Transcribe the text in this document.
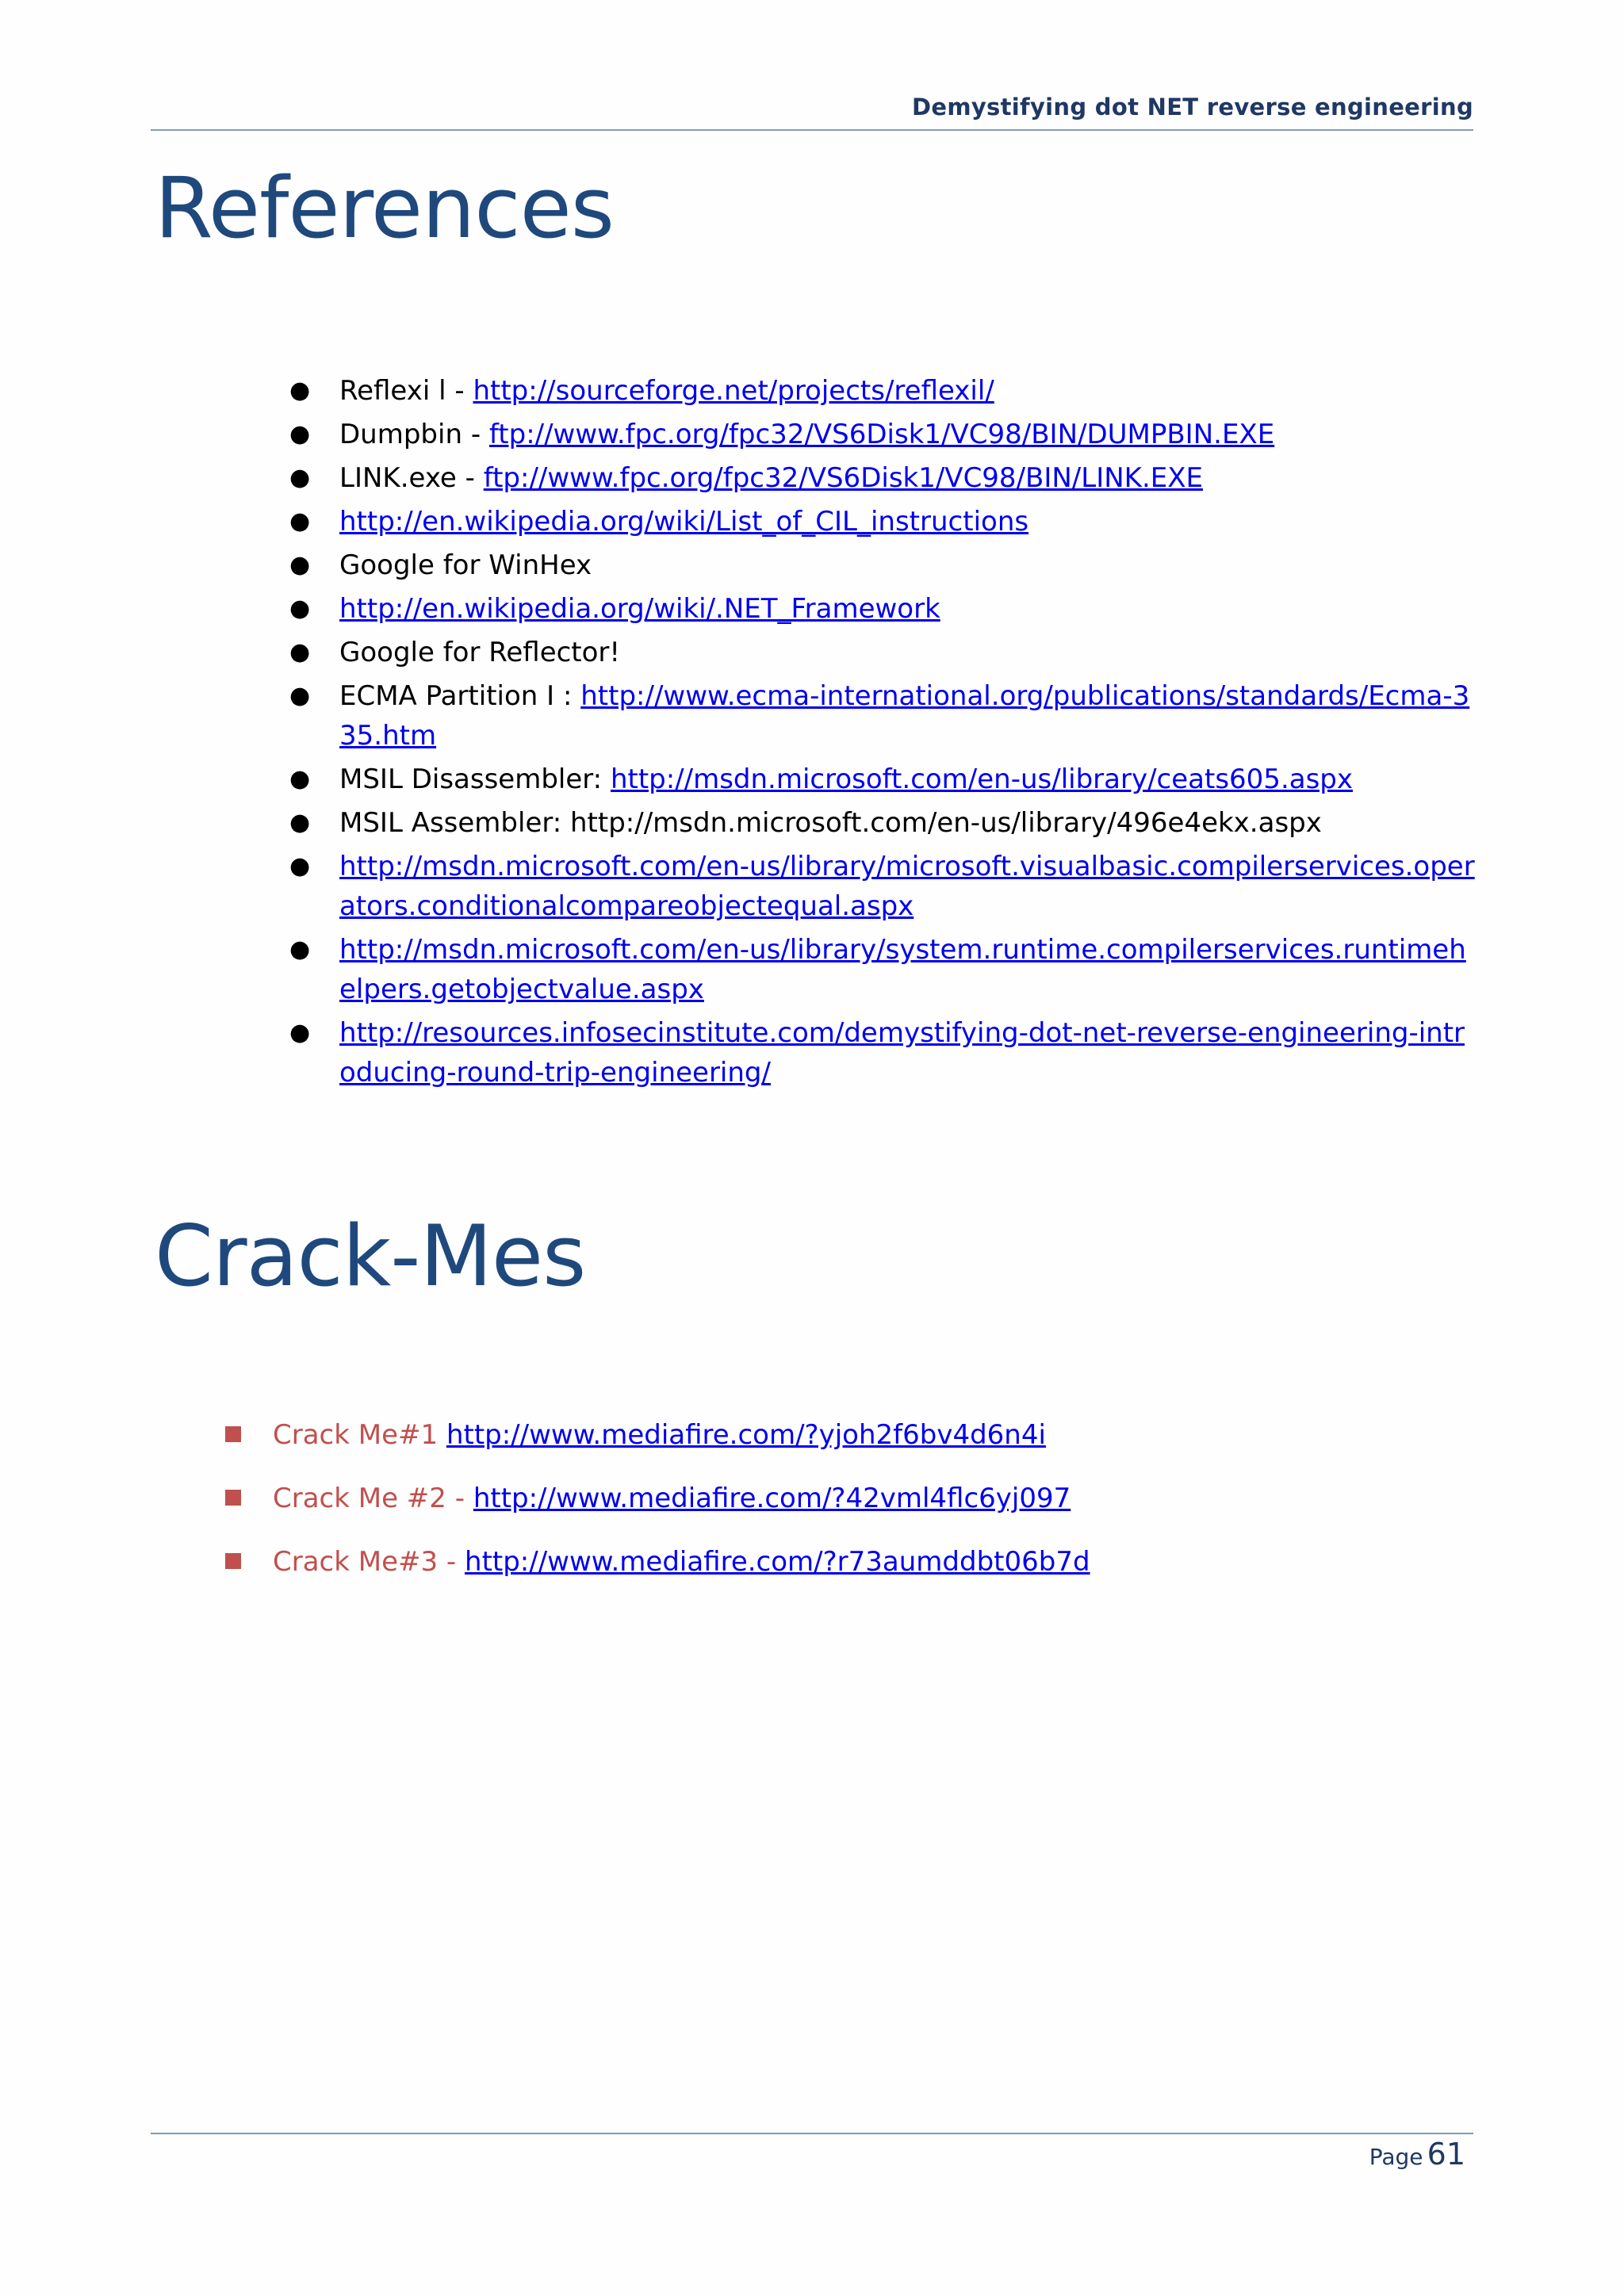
Demystifying dot NET reverse engineering
References
●	Reflexi l - http://sourceforge.net/projects/reflexil/
●	Dumpbin - ftp://www.fpc.org/fpc32/VS6Disk1/VC98/BIN/DUMPBIN.EXE
●	LINK.exe - ftp://www.fpc.org/fpc32/VS6Disk1/VC98/BIN/LINK.EXE
●	http://en.wikipedia.org/wiki/List_of_CIL_instructions
●	Google for WinHex
●	http://en.wikipedia.org/wiki/.NET_Framework
●	Google for Reflector!
●	ECMA Partition I : http://www.ecma-international.org/publications/standards/Ecma-335.htm
●	MSIL Disassembler: http://msdn.microsoft.com/en-us/library/ceats605.aspx
●	MSIL Assembler: http://msdn.microsoft.com/en-us/library/496e4ekx.aspx
●	http://msdn.microsoft.com/en-us/library/microsoft.visualbasic.compilerservices.operators.conditionalcompareobjectequal.aspx
●	http://msdn.microsoft.com/en-us/library/system.runtime.compilerservices.runtimehelpers.getobjectvalue.aspx
●	http://resources.infosecinstitute.com/demystifying-dot-net-reverse-engineering-introducing-round-trip-engineering/
Crack-Mes
Crack Me#1 http://www.mediafire.com/?yjoh2f6bv4d6n4i
Crack Me #2 - http://www.mediafire.com/?42vml4flc6yj097
Crack Me#3 - http://www.mediafire.com/?r73aumddbt06b7d
Page 61
